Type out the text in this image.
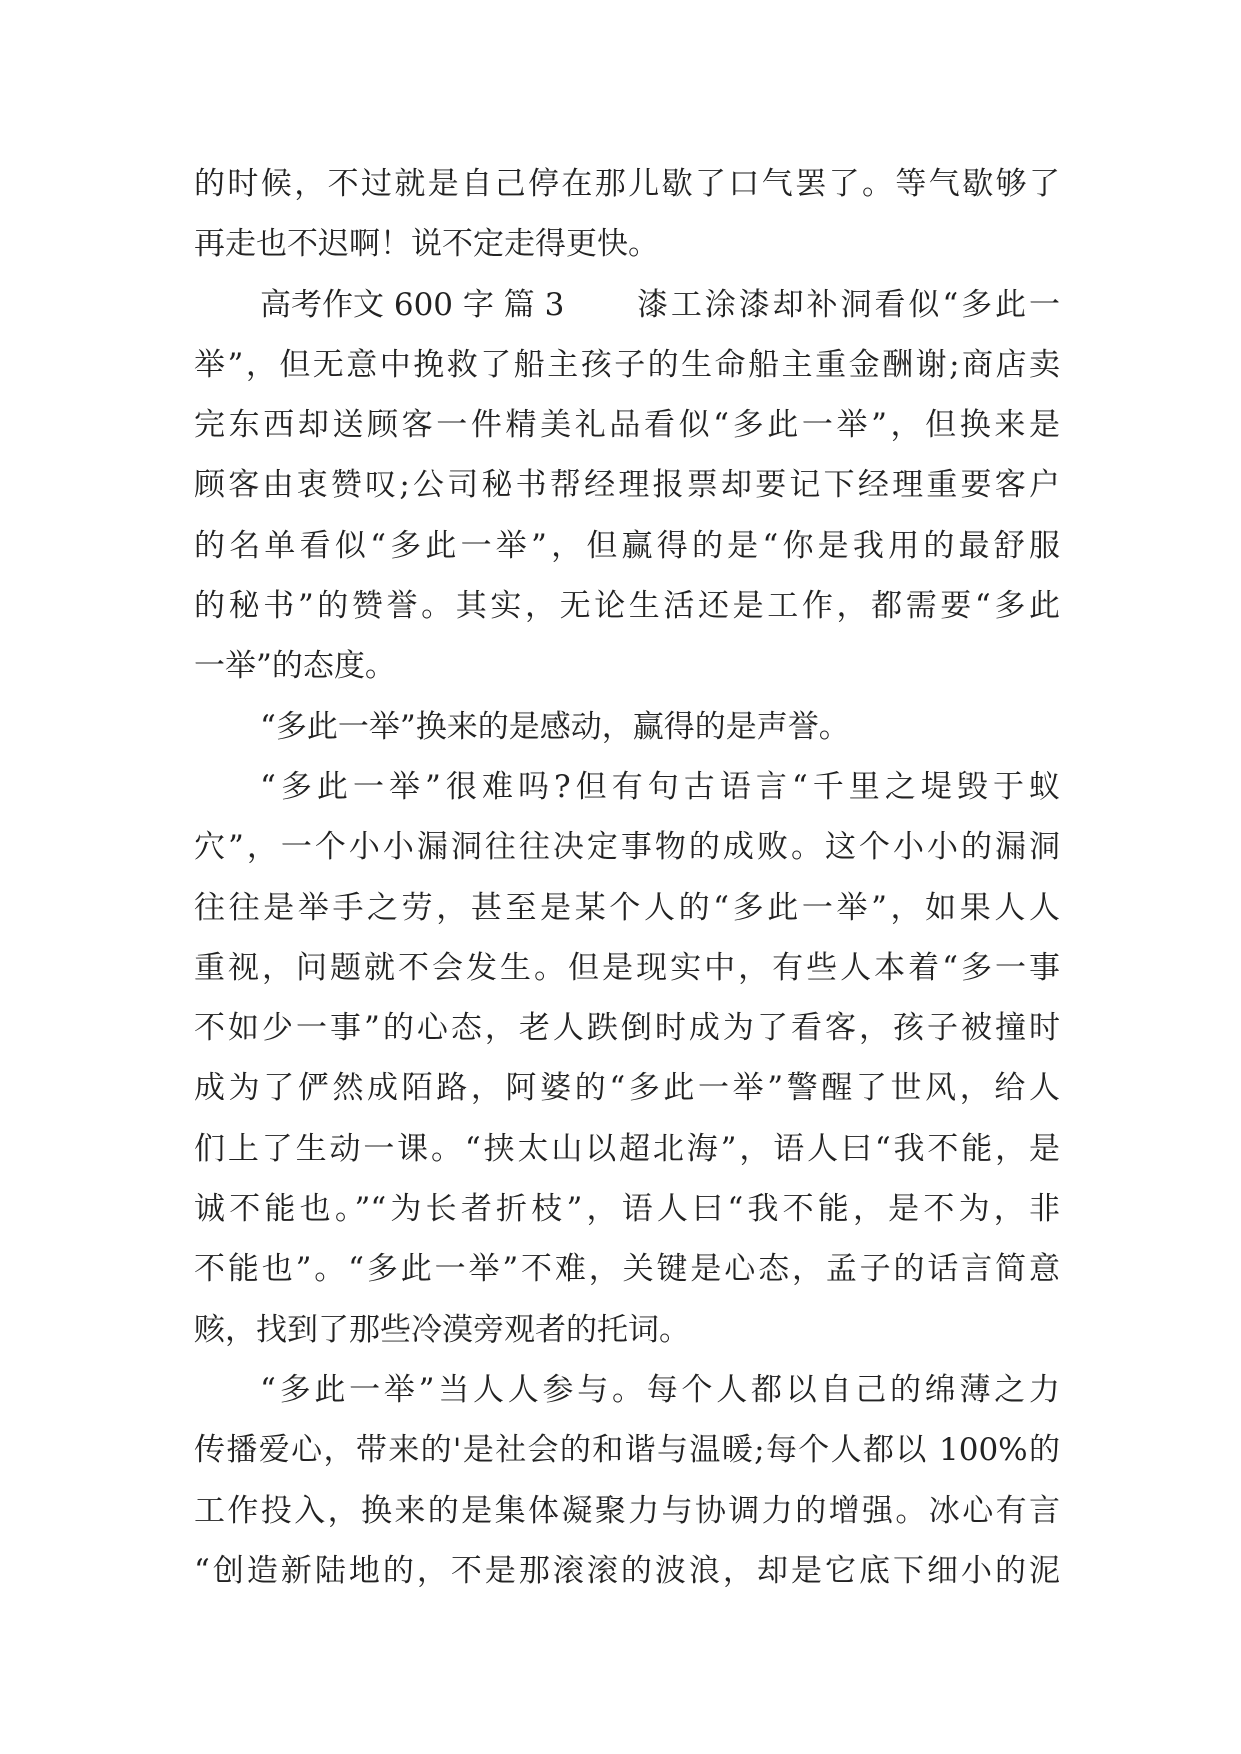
的时候，不过就是自己停在那儿歇了口气罢了。等气歇够了
再走也不迟啊！说不定走得更快。
高考作文 600 字 篇 3 漆工涂漆却补洞看似“多此一
举”，但无意中挽救了船主孩子的生命船主重金酬谢;商店卖
完东西却送顾客一件精美礼品看似“多此一举”，但换来是
顾客由衷赞叹;公司秘书帮经理报票却要记下经理重要客户
的名单看似“多此一举”，但赢得的是“你是我用的最舒服
的秘书”的赞誉。其实，无论生活还是工作，都需要“多此
一举”的态度。
“多此一举”换来的是感动，赢得的是声誉。
“多此一举”很难吗?但有句古语言“千里之堤毁于蚁
穴”，一个小小漏洞往往决定事物的成败。这个小小的漏洞
往往是举手之劳，甚至是某个人的“多此一举”，如果人人
重视，问题就不会发生。但是现实中，有些人本着“多一事
不如少一事”的心态，老人跌倒时成为了看客，孩子被撞时
成为了俨然成陌路，阿婆的“多此一举”警醒了世风，给人
们上了生动一课。“挟太山以超北海”，语人曰“我不能，是
诚不能也。”“为长者折枝”，语人曰“我不能，是不为，非
不能也”。“多此一举”不难，关键是心态，孟子的话言简意
赅，找到了那些冷漠旁观者的托词。
“多此一举”当人人参与。每个人都以自己的绵薄之力
传播爱心，带来的'是社会的和谐与温暖;每个人都以 100%的
工作投入，换来的是集体凝聚力与协调力的增强。冰心有言
“创造新陆地的，不是那滚滚的波浪，却是它底下细小的泥
